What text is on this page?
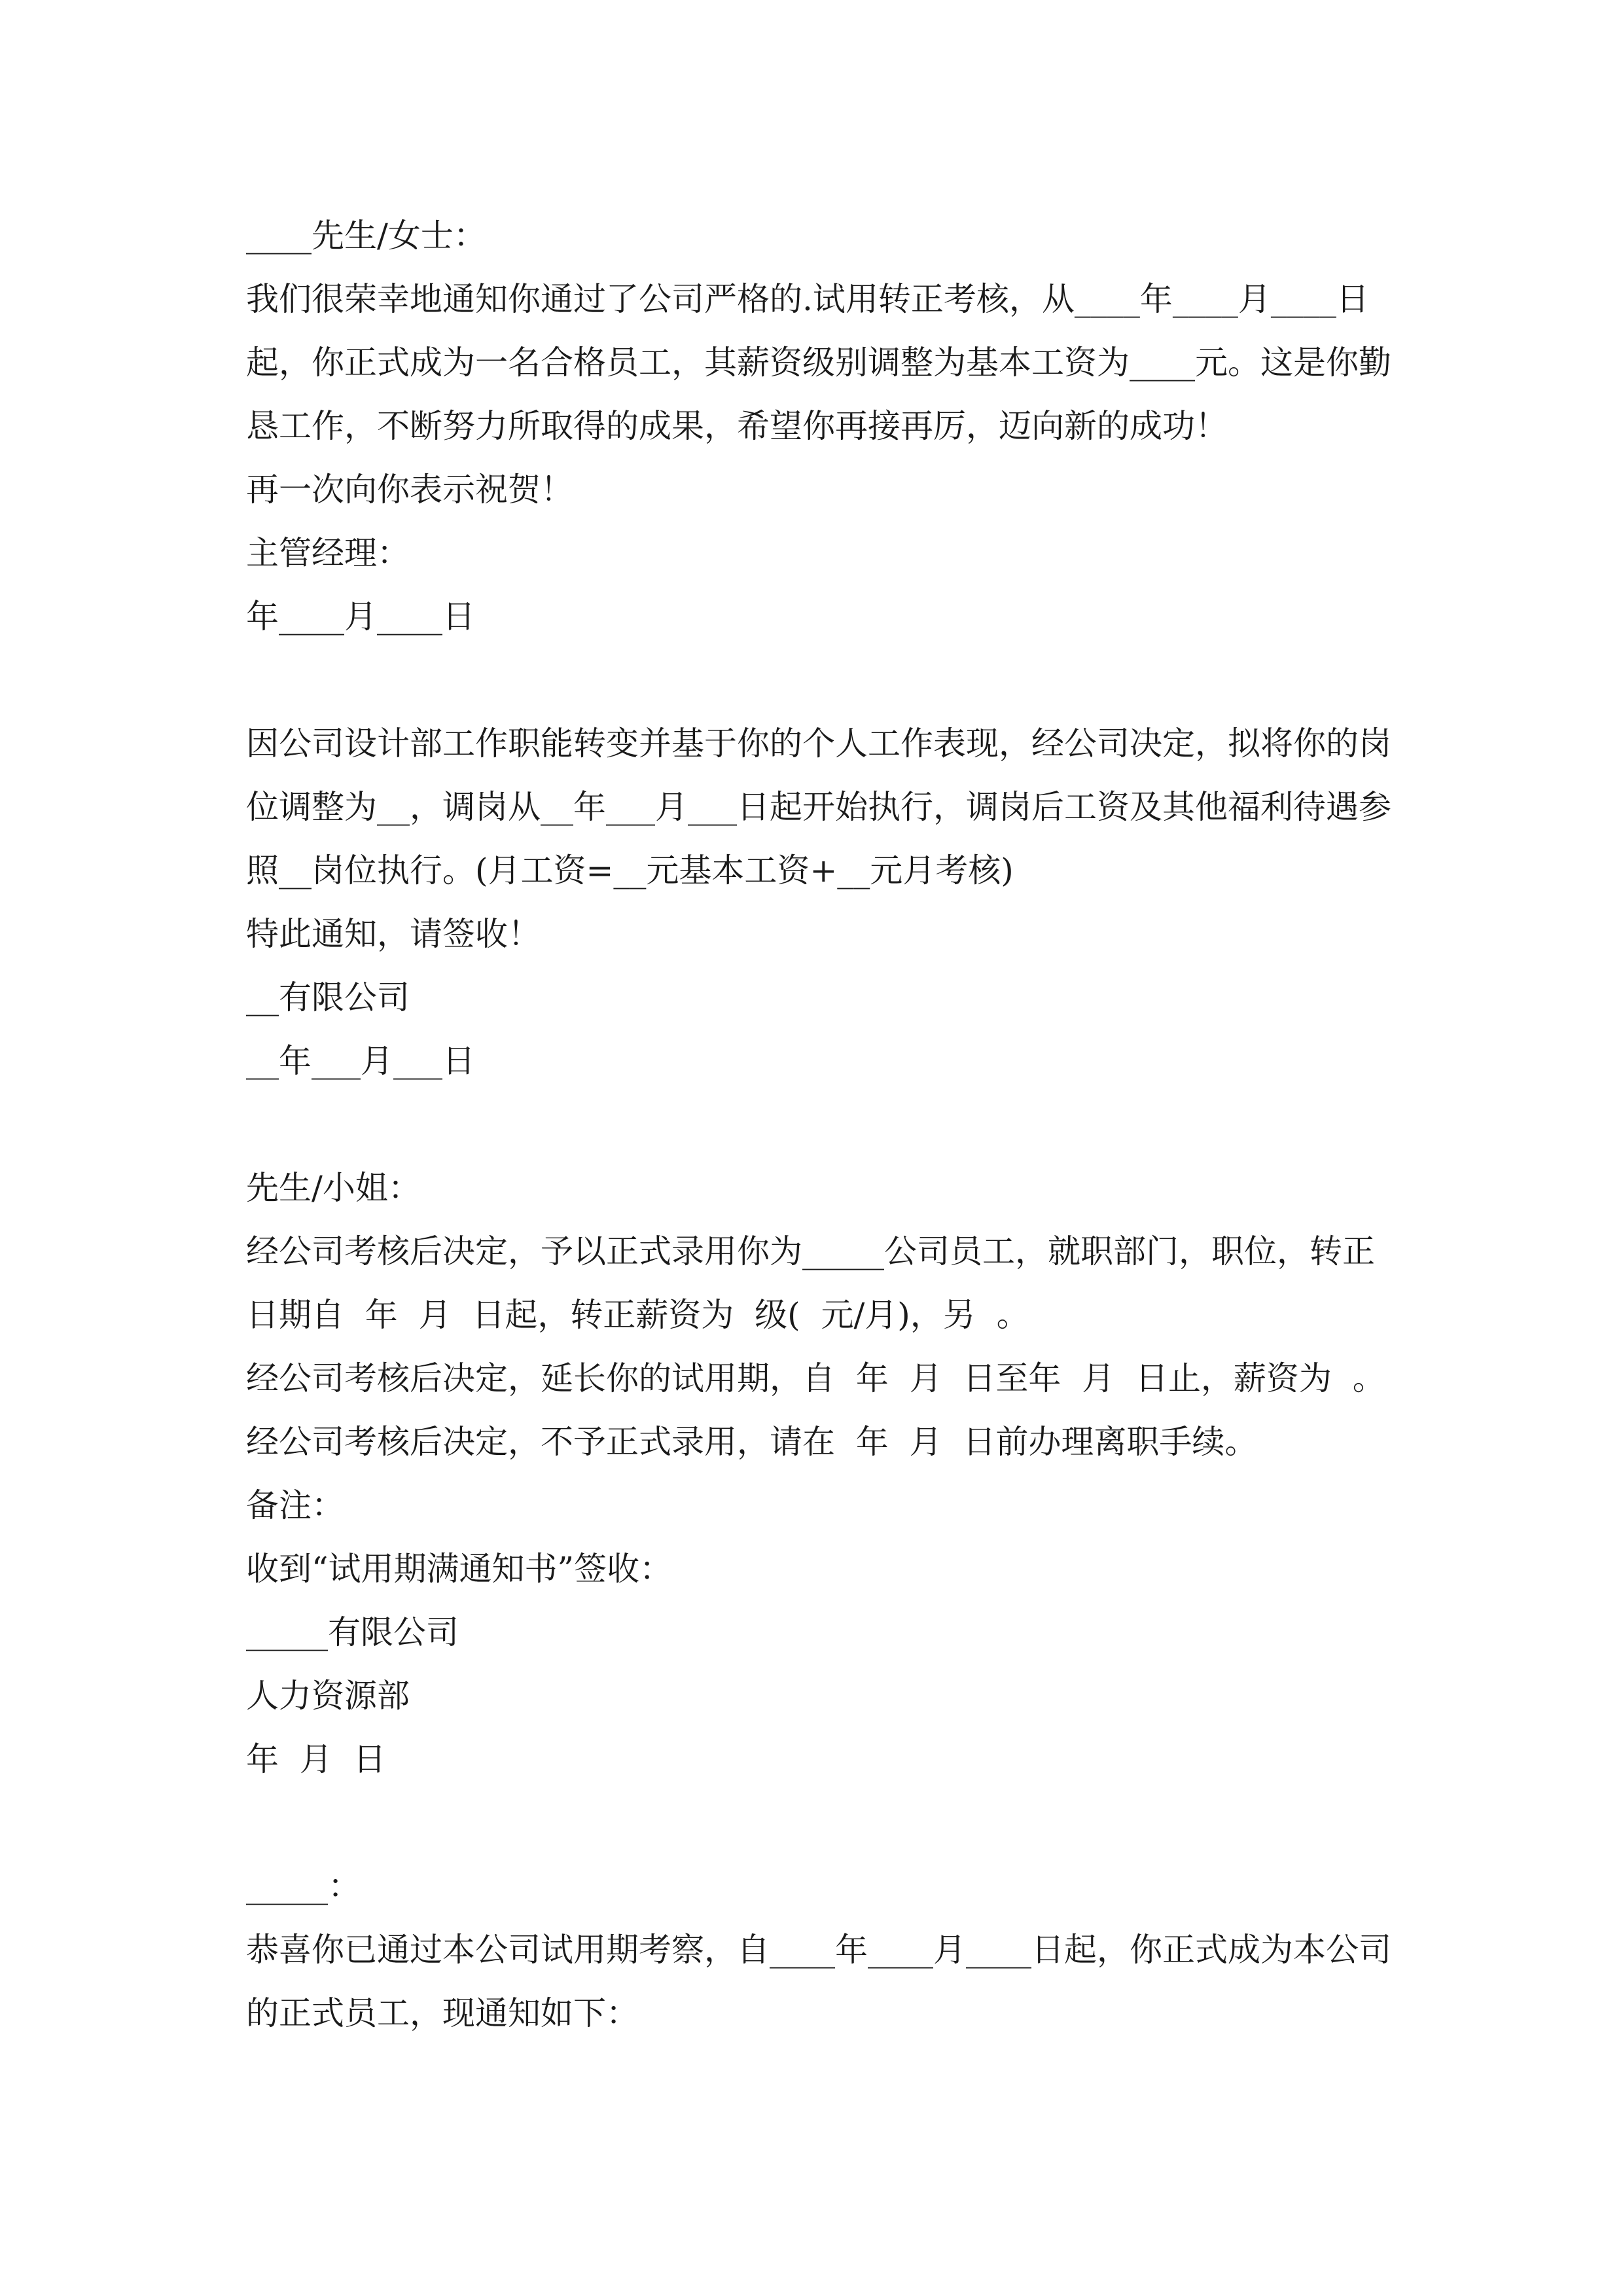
____先生/女士：
我们很荣幸地通知你通过了公司严格的.试用转正考核，从____年____月____日
起，你正式成为一名合格员工，其薪资级别调整为基本工资为____元。这是你勤
恳工作，不断努力所取得的成果，希望你再接再厉，迈向新的成功！
再一次向你表示祝贺！
主管经理：
年____月____日
因公司设计部工作职能转变并基于你的个人工作表现，经公司决定，拟将你的岗
位调整为__，调岗从__年___月___日起开始执行，调岗后工资及其他福利待遇参
照__岗位执行。(月工资=__元基本工资+__元月考核)
特此通知，请签收！
__有限公司
__年___月___日
先生/小姐：
经公司考核后决定，予以正式录用你为_____公司员工，就职部门，职位，转正
日期自  年  月  日起，转正薪资为  级(  元/月)，另  。
经公司考核后决定，延长你的试用期，自  年  月  日至年  月  日止，薪资为  。
经公司考核后决定，不予正式录用，请在  年  月  日前办理离职手续。
备注：
收到“试用期满通知书”签收：
_____有限公司
人力资源部
年  月  日
_____：
恭喜你已通过本公司试用期考察，自____年____月____日起，你正式成为本公司
的正式员工，现通知如下：
